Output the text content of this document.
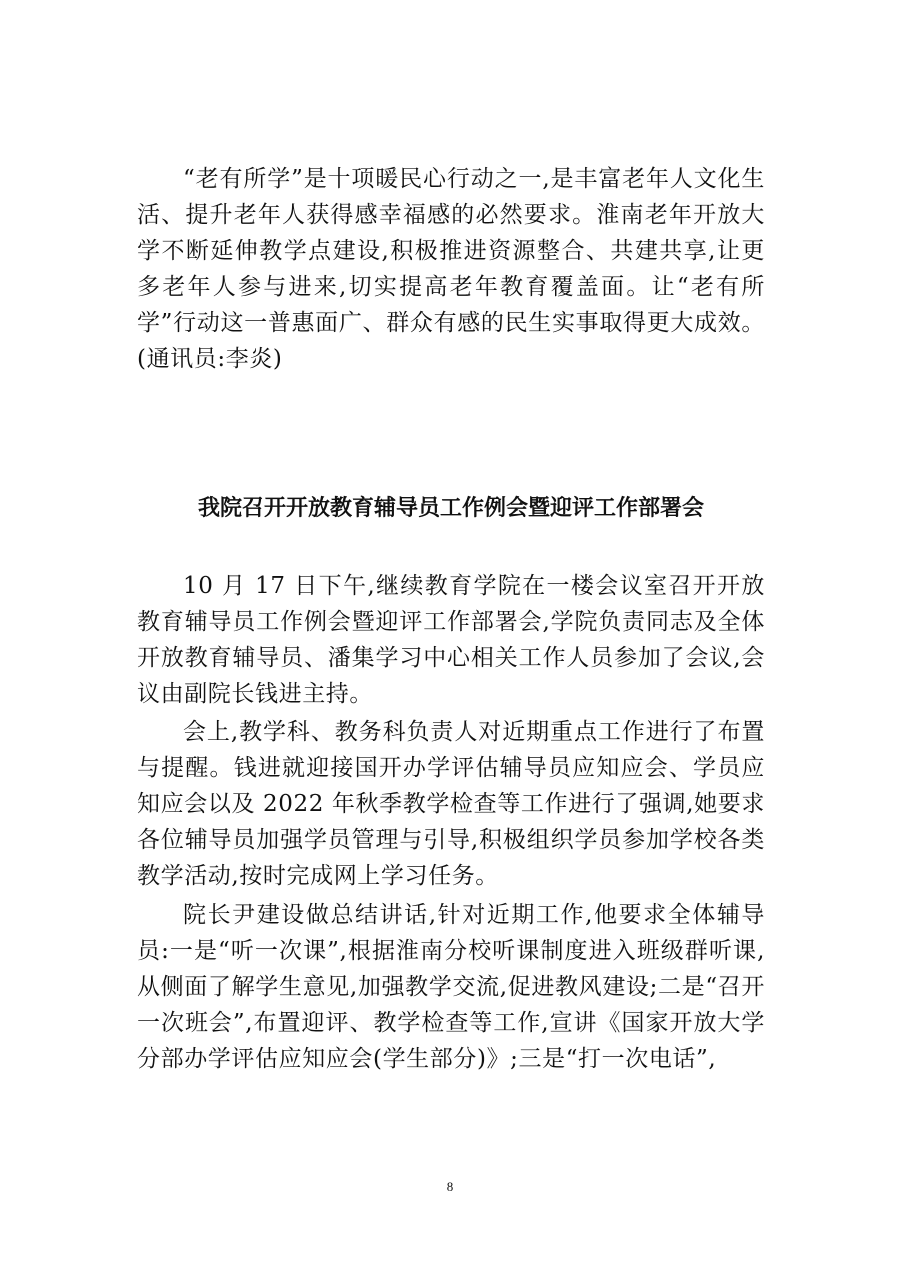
“老有所学”是十项暖民心行动之一,是丰富老年人文化生活、提升老年人获得感幸福感的必然要求。淮南老年开放大学不断延伸教学点建设,积极推进资源整合、共建共享,让更多老年人参与进来,切实提高老年教育覆盖面。让“老有所学”行动这一普惠面广、群众有感的民生实事取得更大成效。(通讯员:李炎)

我院召开开放教育辅导员工作例会暨迎评工作部署会

10 月 17 日下午,继续教育学院在一楼会议室召开开放教育辅导员工作例会暨迎评工作部署会,学院负责同志及全体开放教育辅导员、潘集学习中心相关工作人员参加了会议,会议由副院长钱进主持。

会上,教学科、教务科负责人对近期重点工作进行了布置与提醒。钱进就迎接国开办学评估辅导员应知应会、学员应知应会以及 2022 年秋季教学检查等工作进行了强调,她要求各位辅导员加强学员管理与引导,积极组织学员参加学校各类教学活动,按时完成网上学习任务。

院长尹建设做总结讲话,针对近期工作,他要求全体辅导员:一是“听一次课”,根据淮南分校听课制度进入班级群听课,从侧面了解学生意见,加强教学交流,促进教风建设;二是“召开一次班会”,布置迎评、教学检查等工作,宣讲《国家开放大学分部办学评估应知应会(学生部分)》;三是“打一次电话”,

8
